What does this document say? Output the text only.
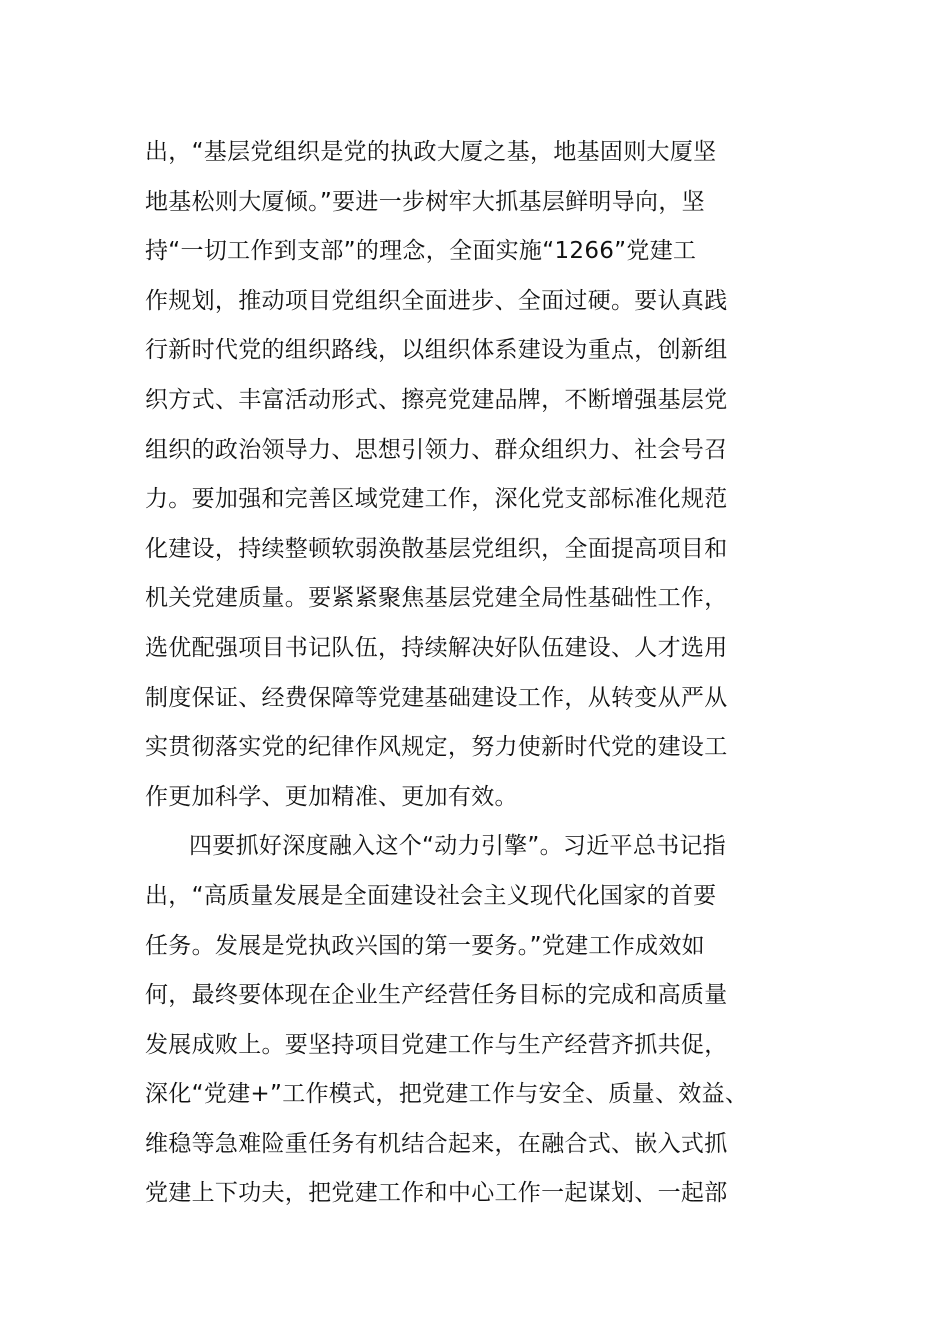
出，“基层党组织是党的执政大厦之基，地基固则大厦坚
地基松则大厦倾。”要进一步树牢大抓基层鲜明导向，坚
持“一切工作到支部”的理念，全面实施“1266”党建工
作规划，推动项目党组织全面进步、全面过硬。要认真践
行新时代党的组织路线，以组织体系建设为重点，创新组
织方式、丰富活动形式、擦亮党建品牌，不断增强基层党
组织的政治领导力、思想引领力、群众组织力、社会号召
力。要加强和完善区域党建工作，深化党支部标准化规范
化建设，持续整顿软弱涣散基层党组织，全面提高项目和
机关党建质量。要紧紧聚焦基层党建全局性基础性工作，
选优配强项目书记队伍，持续解决好队伍建设、人才选用
制度保证、经费保障等党建基础建设工作，从转变从严从
实贯彻落实党的纪律作风规定，努力使新时代党的建设工
作更加科学、更加精准、更加有效。
四要抓好深度融入这个“动力引擎”。习近平总书记指
出，“高质量发展是全面建设社会主义现代化国家的首要
任务。发展是党执政兴国的第一要务。”党建工作成效如
何，最终要体现在企业生产经营任务目标的完成和高质量
发展成败上。要坚持项目党建工作与生产经营齐抓共促，
深化“党建+”工作模式，把党建工作与安全、质量、效益、
维稳等急难险重任务有机结合起来，在融合式、嵌入式抓
党建上下功夫，把党建工作和中心工作一起谋划、一起部
